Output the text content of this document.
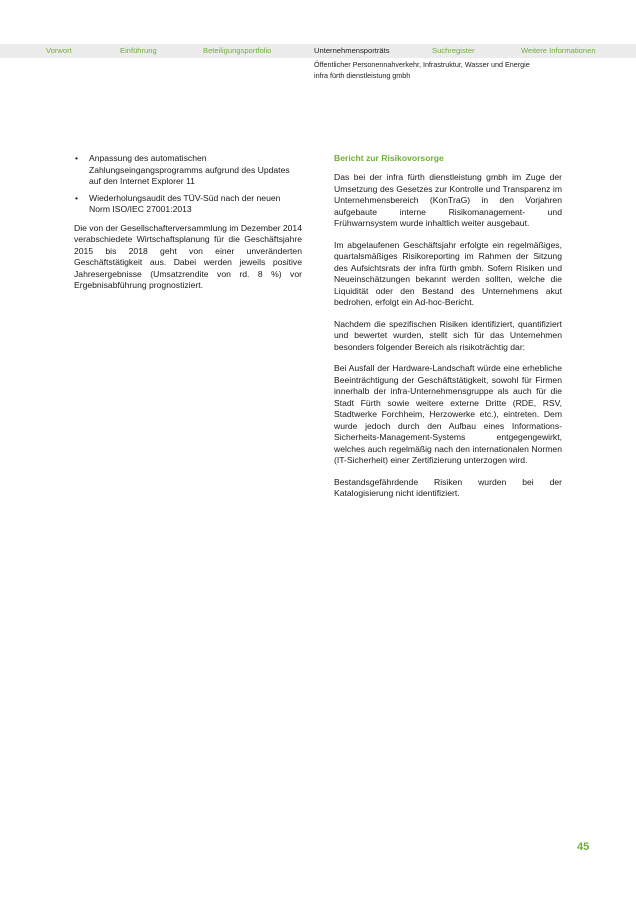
Vorwort	Einführung	Beteiligungsportfolio	Unternehmensporträts	Suchregister	Weitere Informationen
Öffentlicher Personennahverkehr, Infrastruktur, Wasser und Energie
infra fürth dienstleistung gmbh
• Anpassung des automatischen Zahlungseingangsprogramms aufgrund des Updates auf den Internet Explorer 11
• Wiederholungsaudit des TÜV-Süd nach der neuen Norm ISO/IEC 27001:2013

Die von der Gesellschafterversammlung im Dezember 2014 verabschiedete Wirtschaftsplanung für die Geschäftsjahre 2015 bis 2018 geht von einer unveränderten Geschäftstätigkeit aus. Dabei werden jeweils positive Jahresergebnisse (Umsatzrendite von rd. 8 %) vor Ergebnisabführung prognostiziert.

Bericht zur Risikovorsorge

Das bei der infra fürth dienstleistung gmbh im Zuge der Umsetzung des Gesetzes zur Kontrolle und Transparenz im Unternehmensbereich (KonTraG) in den Vorjahren aufgebaute interne Risikomanagement- und Frühwarnsystem wurde inhaltlich weiter ausgebaut.

Im abgelaufenen Geschäftsjahr erfolgte ein regelmäßiges, quartalsmäßiges Risikoreporting im Rahmen der Sitzung des Aufsichtsrats der infra fürth gmbh. Sofern Risiken und Neueinschätzungen bekannt werden sollten, welche die Liquidität oder den Bestand des Unternehmens akut bedrohen, erfolgt ein Ad-hoc-Bericht.

Nachdem die spezifischen Risiken identifiziert, quantifiziert und bewertet wurden, stellt sich für das Unternehmen besonders folgender Bereich als risikoträchtig dar:

Bei Ausfall der Hardware-Landschaft würde eine erhebliche Beeinträchtigung der Geschäftstätigkeit, sowohl für Firmen innerhalb der infra-Unternehmensgruppe als auch für die Stadt Fürth sowie weitere externe Dritte (RDE, RSV, Stadtwerke Forchheim, Herzowerke etc.), eintreten. Dem wurde jedoch durch den Aufbau eines Informations-Sicherheits-Management-Systems entgegengewirkt, welches auch regelmäßig nach den internationalen Normen (IT-Sicherheit) einer Zertifizierung unterzogen wird.

Bestandsgefährdende Risiken wurden bei der Katalogisierung nicht identifiziert.

45
